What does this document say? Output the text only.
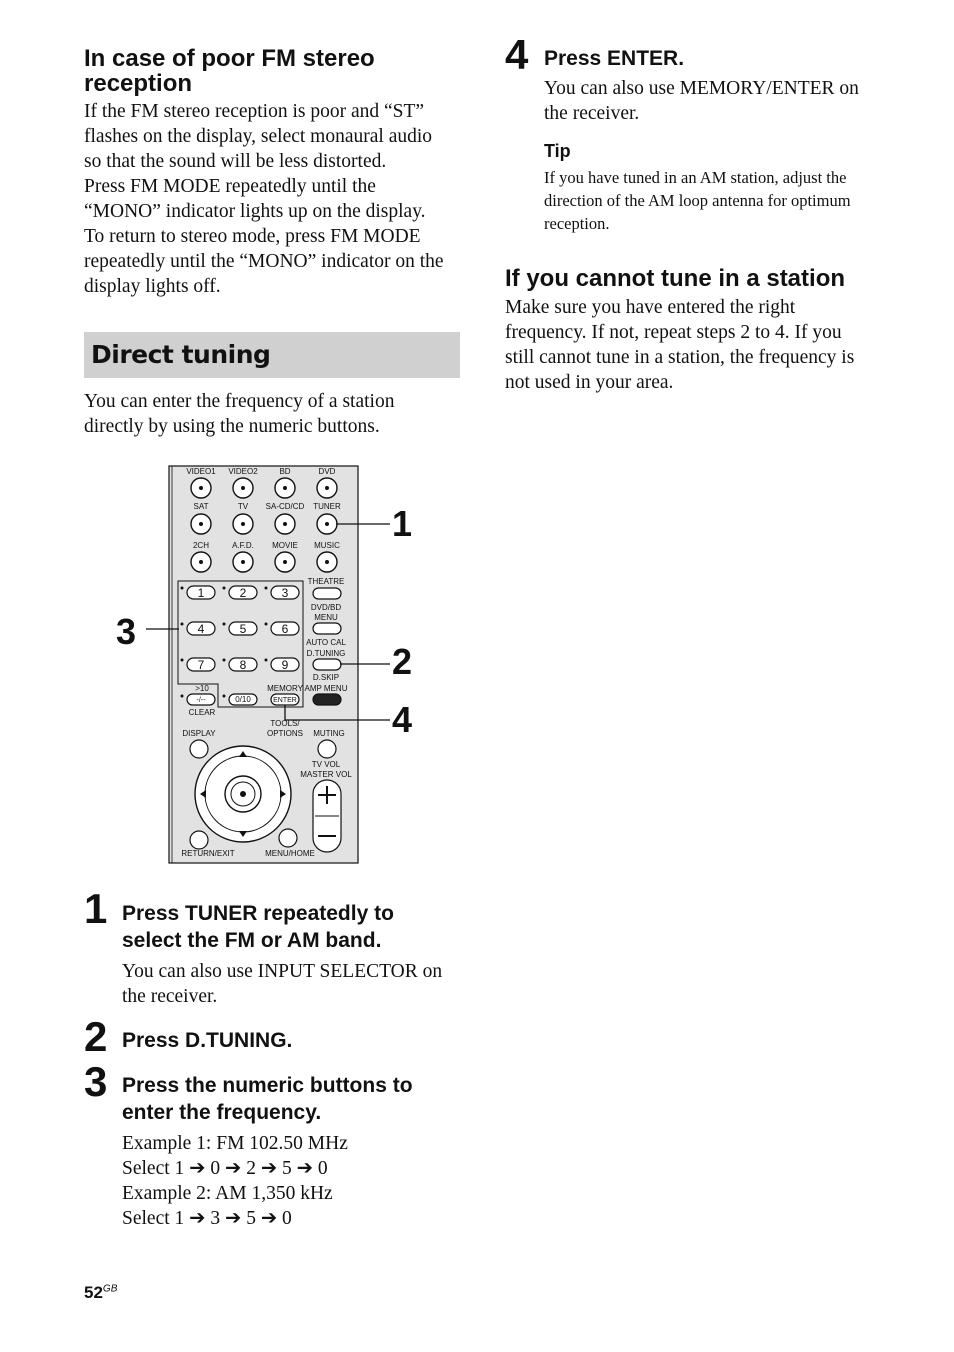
In case of poor FM stereo
reception
If the FM stereo reception is poor and “ST”
flashes on the display, select monaural audio
so that the sound will be less distorted.
Press FM MODE repeatedly until the
“MONO” indicator lights up on the display.
To return to stereo mode, press FM MODE
repeatedly until the “MONO” indicator on the
display lights off.
Direct tuning
You can enter the frequency of a station
directly by using the numeric buttons.
VIDEO1 VIDEO2	BD	DVD
SAT	TV SA-CD/CD TUNER
2CH	A.F.D. MOVIE MUSIC
1	2	3
4	5	6
7	8	9
THEATRE
DVD/BD
MENU
AUTO CAL
D.TUNING
D.SKIP
AMP MENU
>10
-/--
CLEAR
0/10
MEMORY
ENTER
TOOLS/
OPTIONS
DISPLAY	MUTING
TV VOL
MASTER VOL
RETURN/EXIT	MENU/HOME
1
2
3
4
1 Press TUNER repeatedly to
select the FM or AM band.
You can also use INPUT SELECTOR on
the receiver.
2 Press D.TUNING.
3 Press the numeric buttons to
enter the frequency.
Example 1: FM 102.50 MHz
Select 1 ➔ 0 ➔ 2 ➔ 5 ➔ 0
Example 2: AM 1,350 kHz
Select 1 ➔ 3 ➔ 5 ➔ 0
4 Press ENTER.
You can also use MEMORY/ENTER on
the receiver.
Tip
If you have tuned in an AM station, adjust the
direction of the AM loop antenna for optimum
reception.
If you cannot tune in a station
Make sure you have entered the right
frequency. If not, repeat steps 2 to 4. If you
still cannot tune in a station, the frequency is
not used in your area.
$52^{GB}$
